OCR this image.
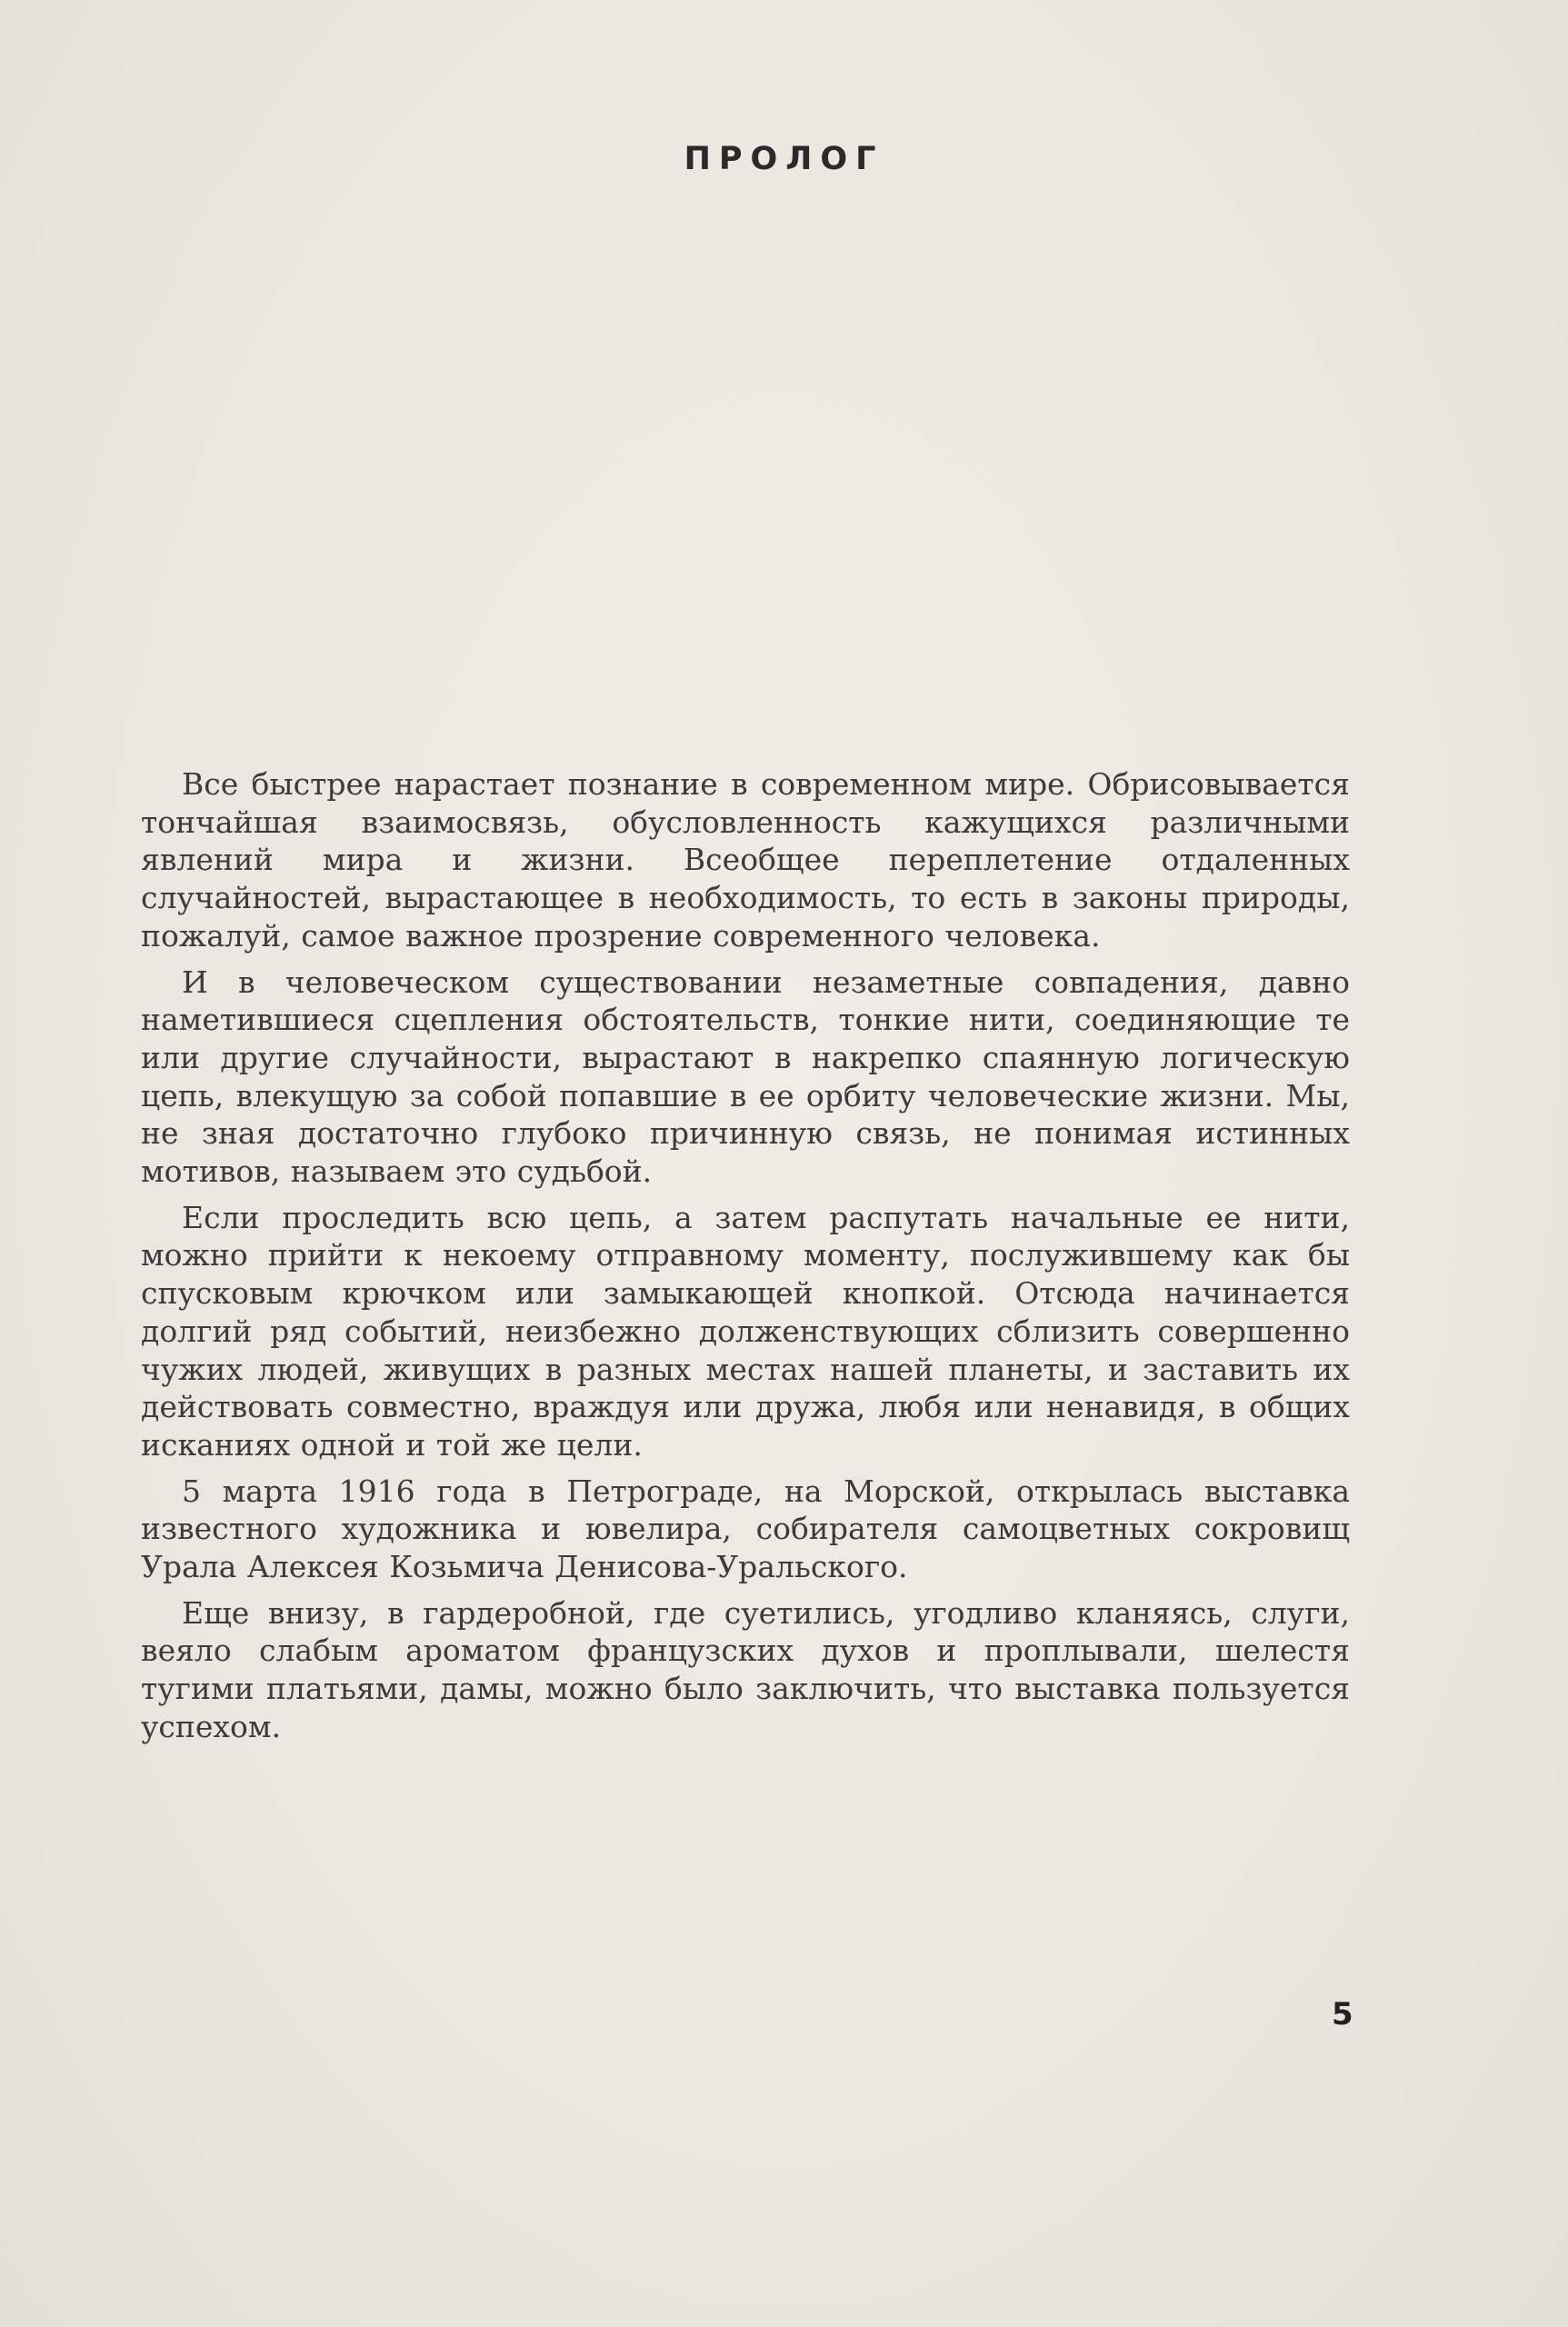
ПРОЛОГ

Все быстрее нарастает познание в современном мире. Обрисовывается тончайшая взаимосвязь, обусловленность кажущихся различными явлений мира и жизни. Всеобщее переплетение отдаленных случайностей, вырастающее в необходимость, то есть в законы природы, пожалуй, самое важное прозрение современного человека.

И в человеческом существовании незаметные совпадения, давно наметившиеся сцепления обстоятельств, тонкие нити, соединяющие те или другие случайности, вырастают в накрепко спаянную логическую цепь, влекущую за собой попавшие в ее орбиту человеческие жизни. Мы, не зная достаточно глубоко причинную связь, не понимая истинных мотивов, называем это судьбой.

Если проследить всю цепь, а затем распутать начальные ее нити, можно прийти к некоему отправному моменту, послужившему как бы спусковым крючком или замыкающей кнопкой. Отсюда начинается долгий ряд событий, неизбежно долженствующих сблизить совершенно чужих людей, живущих в разных местах нашей планеты, и заставить их действовать совместно, враждуя или дружа, любя или ненавидя, в общих исканиях одной и той же цели.

5 марта 1916 года в Петрограде, на Морской, открылась выставка известного художника и ювелира, собирателя самоцветных сокровищ Урала Алексея Козьмича Денисова-Уральского.

Еще внизу, в гардеробной, где суетились, угодливо кланяясь, слуги, веяло слабым ароматом французских духов и проплывали, шелестя тугими платьями, дамы, можно было заключить, что выставка пользуется успехом.

5
